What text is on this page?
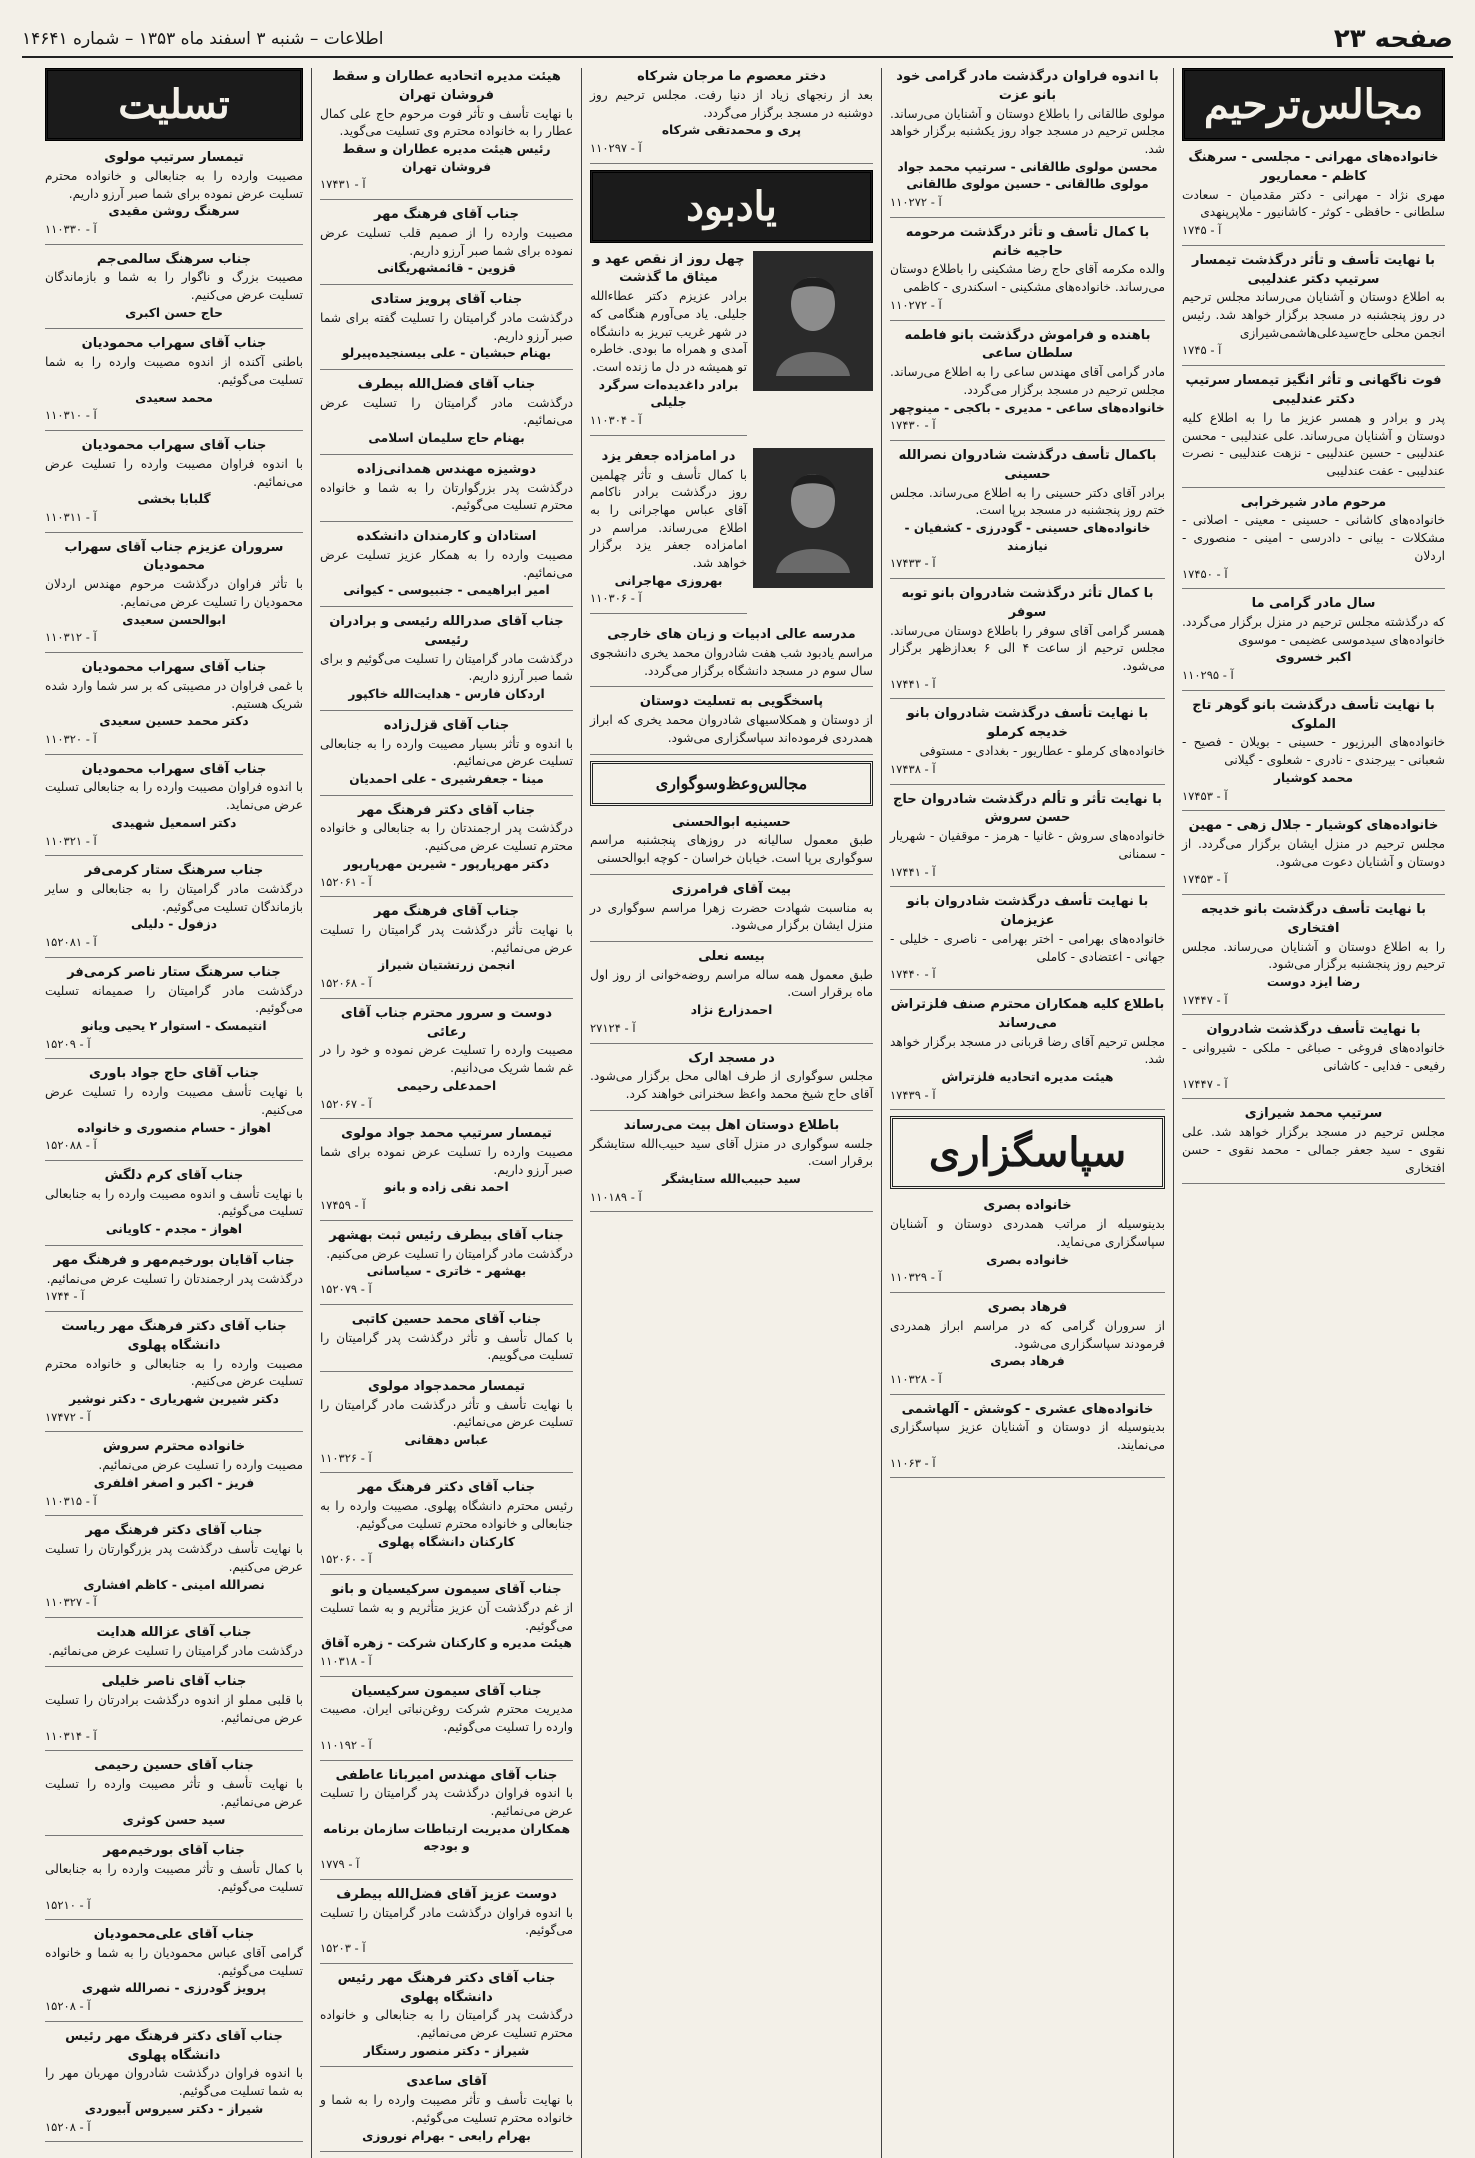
صفحه ۲۳
اطلاعات – شنبه ۳ اسفند ماه ۱۳۵۳ – شماره ۱۴۶۴۱
مجالس‌ترحیم
خانواده‌های مهرانی - مجلسی - سرهنگ کاظم - معماریور
مهری نژاد - مهرانی - دکتر مقدمیان - سعادت سلطانی - حافظی - کوثر - کاشانیور - ملاپرپنهدی
آ - ۱۷۴۵
با نهایت تأسف و تأثر درگذشت تیمسار سرتیپ دکتر عندلیبی
به اطلاع دوستان و آشنایان می‌رساند مجلس ترحیم در روز پنجشنبه در مسجد برگزار خواهد شد. رئیس انجمن محلی حاج‌سید‌علی‌هاشمی‌شیرازی
آ - ۱۷۴۵
فوت ناگهانی و تأثر انگیز تیمسار سرتیپ دکتر عندلیبی
پدر و برادر و همسر عزیز ما را به اطلاع کلیه دوستان و آشنایان می‌رساند. علی عندلیبی - محسن عندلیبی - حسین عندلیبی - نزهت عندلیبی - نصرت عندلیبی - عفت عندلیبی
مرحوم مادر شیرخرابی
خانواده‌های کاشانی - حسینی - معینی - اصلانی - مشکلات - بیانی - دادرسی - امینی - منصوری - اردلان
آ - ۱۷۴۵۰
سال مادر گرامی ما
که درگذشته مجلس ترحیم در منزل برگزار می‌گردد. خانواده‌های سیدموسی عضیمی - موسوی
اکبر خسروی
آ - ۱۱۰۲۹۵
با نهایت تأسف درگذشت بانو گوهر تاج الملوک
خانواده‌های البرزیور - حسینی - بویلان - فصیح - شعبانی - بیرجندی - نادری - شعلوی - گیلانی
محمد کوشیار
آ - ۱۷۴۵۳
خانواده‌های کوشیار - جلال زهی - مهین
مجلس ترحیم در منزل ایشان برگزار می‌گردد. از دوستان و آشنایان دعوت می‌شود.
آ - ۱۷۴۵۳
با نهایت تأسف درگذشت بانو خدیجه افتخاری
را به اطلاع دوستان و آشنایان می‌رساند. مجلس ترحیم روز پنجشنبه برگزار می‌شود.
رضا ایزد دوست
آ - ۱۷۴۴۷
با نهایت تأسف درگذشت شادروان
خانواده‌های فروغی - صباغی - ملکی - شیروانی - رفیعی - فدایی - کاشانی
آ - ۱۷۴۴۷
سرتیپ محمد شیرازی
مجلس ترحیم در مسجد برگزار خواهد شد. علی نقوی - سید جعفر جمالی - محمد نقوی - حسن افتخاری
با اندوه فراوان درگذشت مادر گرامی خود بانو عزت
مولوی طالقانی را باطلاع دوستان و آشنایان می‌رساند. مجلس ترحیم در مسجد جواد روز یکشنبه برگزار خواهد شد.
محسن مولوی طالقانی - سرتیپ محمد جواد مولوی طالقانی - حسین مولوی طالقانی
آ - ۱۱۰۲۷۲
با کمال تأسف و تأثر درگذشت مرحومه حاجیه خانم
والده مکرمه آقای حاج رضا مشکینی را باطلاع دوستان می‌رساند. خانواده‌های مشکینی - اسکندری - کاظمی
آ - ۱۱۰۲۷۲
باهنده و فراموش درگذشت بانو فاطمه سلطان ساعی
مادر گرامی آقای مهندس ساعی را به اطلاع می‌رساند. مجلس ترحیم در مسجد برگزار می‌گردد.
خانواده‌های ساعی - مدیری - باکجی - مینوچهر
آ - ۱۷۴۳۰
باکمال تأسف درگذشت شادروان نصرالله حسینی
برادر آقای دکتر حسینی را به اطلاع می‌رساند. مجلس ختم روز پنجشنبه در مسجد برپا است.
خانواده‌های حسینی - گودرزی - کشفیان - نیازمند
آ - ۱۷۴۳۳
با کمال تأثر درگذشت شادروان بانو توبه سوفر
همسر گرامی آقای سوفر را باطلاع دوستان می‌رساند. مجلس ترحیم از ساعت ۴ الی ۶ بعدازظهر برگزار می‌شود.
آ - ۱۷۴۴۱
با نهایت تأسف درگذشت شادروان بانو خدیجه کرملو
خانواده‌های کرملو - عطاریور - بغدادی - مستوفی
آ - ۱۷۴۳۸
با نهایت تأثر و تألم درگذشت شادروان حاج حسن سروش
خانواده‌های سروش - غانیا - هرمز - موقفیان - شهریار - سمنانی
آ - ۱۷۴۴۱
با نهایت تأسف درگذشت شادروان بانو عزیزمان
خانواده‌های بهرامی - اختر بهرامی - ناصری - خلیلی - جهانی - اعتضادی - کاملی
آ - ۱۷۴۴۰
باطلاع کلیه همکاران محترم صنف فلزتراش می‌رساند
مجلس ترحیم آقای رضا قربانی در مسجد برگزار خواهد شد.
هیئت مدیره اتحادیه فلزتراش
آ - ۱۷۴۳۹
سپاسگزاری
خانواده بصری
بدینوسیله از مراتب همدردی دوستان و آشنایان سپاسگزاری می‌نماید.
خانواده بصری
آ - ۱۱۰۳۲۹
فرهاد بصری
از سروران گرامی که در مراسم ابراز همدردی فرمودند سپاسگزاری می‌شود.
فرهاد بصری
آ - ۱۱۰۳۲۸
خانواده‌های عشری - کوشش - آلهاشمی
بدینوسیله از دوستان و آشنایان عزیز سپاسگزاری می‌نمایند.
آ - ۱۱۰۶۳
دختر معصوم ما مرجان شرکاه
بعد از رنجهای زیاد از دنیا رفت. مجلس ترحیم روز دوشنبه در مسجد برگزار می‌گردد.
پری و محمدتقی شرکاه
آ - ۱۱۰۲۹۷
یادبود
چهل روز از نقص عهد و میثاق ما گذشت
برادر عزیزم دکتر عطاءالله جلیلی. یاد می‌آورم هنگامی که در شهر غریب تبریز به دانشگاه آمدی و همراه ما بودی. خاطره تو همیشه در دل ما زنده است.
برادر داغدیده‌ات سرگرد جلیلی
آ - ۱۱۰۳۰۴
در امامزاده جعفر یزد
با کمال تأسف و تأثر چهلمین روز درگذشت برادر ناکامم آقای عباس مهاجرانی را به اطلاع می‌رساند. مراسم در امامزاده جعفر یزد برگزار خواهد شد.
بهروزی مهاجرانی
آ - ۱۱۰۳۰۶
مدرسه عالی ادبیات و زبان های خارجی
مراسم یادبود شب هفت شادروان محمد یخری دانشجوی سال سوم در مسجد دانشگاه برگزار می‌گردد.
پاسخگویی به تسلیت دوستان
از دوستان و همکلاسیهای شادروان محمد یخری که ابراز همدردی فرموده‌اند سپاسگزاری می‌شود.
مجالس‌وعظ‌وسوگواری
حسینیه ابوالحسنی
طبق معمول سالیانه در روزهای پنجشنبه مراسم سوگواری برپا است. خیابان خراسان - کوچه ابوالحسنی
بیت آقای فرامرزی
به مناسبت شهادت حضرت زهرا مراسم سوگواری در منزل ایشان برگزار می‌شود.
بیسه نعلی
طبق معمول همه ساله مراسم روضه‌خوانی از روز اول ماه برقرار است.
احمدزارع نژاد
آ - ۲۷۱۲۴
در مسجد ارک
مجلس سوگواری از طرف اهالی محل برگزار می‌شود. آقای حاج شیخ محمد واعظ سخنرانی خواهند کرد.
باطلاع دوستان اهل بیت می‌رساند
جلسه سوگواری در منزل آقای سید حبیب‌الله ستایشگر برقرار است.
سید حبیب‌الله ستایشگر
آ - ۱۱۰۱۸۹
هیئت مدیره اتحادیه عطاران و سقط فروشان تهران
با نهایت تأسف و تأثر فوت مرحوم حاج علی کمال عطار را به خانواده محترم وی تسلیت می‌گوید.
رئیس هیئت مدیره عطاران و سقط فروشان تهران
آ - ۱۷۴۳۱
جناب آقای فرهنگ مهر
مصیبت وارده را از صمیم قلب تسلیت عرض نموده برای شما صبر آرزو داریم.
قزوین - قائمشهریگانی
جناب آقای پرویز ستادی
درگذشت مادر گرامیتان را تسلیت گفته برای شما صبر آرزو داریم.
بهنام حبشیان - علی بیسنجیده‌پیرلو
جناب آقای فضل‌الله بیطرف
درگذشت مادر گرامیتان را تسلیت عرض می‌نمائیم.
بهنام حاج سلیمان اسلامی
دوشیزه مهندس همدانی‌زاده
درگذشت پدر بزرگوارتان را به شما و خانواده محترم تسلیت می‌گوئیم.
استادان و کارمندان دانشکده
مصیبت وارده را به همکار عزیز تسلیت عرض می‌نمائیم.
امیر ابراهیمی - جنبیوسی - کیوانی
جناب آقای صدرالله رئیسی و برادران رئیسی
درگذشت مادر گرامیتان را تسلیت می‌گوئیم و برای شما صبر آرزو داریم.
اردکان فارس - هدایت‌الله خاکپور
جناب آقای قزل‌زاده
با اندوه و تأثر بسیار مصیبت وارده را به جنابعالی تسلیت عرض می‌نمائیم.
مینا - جعفرشیری - علی احمدیان
جناب آقای دکتر فرهنگ مهر
درگذشت پدر ارجمندتان را به جنابعالی و خانواده محترم تسلیت عرض می‌کنیم.
دکتر مهرپارپور - شیرین مهرپارپور
آ - ۱۵۲۰۶۱
جناب آقای فرهنگ مهر
با نهایت تأثر درگذشت پدر گرامیتان را تسلیت عرض می‌نمائیم.
انجمن زرتشتیان شیراز
آ - ۱۵۲۰۶۸
دوست و سرور محترم جناب آقای رعائی
مصیبت وارده را تسلیت عرض نموده و خود را در غم شما شریک می‌دانیم.
احمدعلی رحیمی
آ - ۱۵۲۰۶۷
تیمسار سرتیپ محمد جواد مولوی
مصیبت وارده را تسلیت عرض نموده برای شما صبر آرزو داریم.
احمد نقی زاده و بانو
آ - ۱۷۴۵۹
جناب آقای بیطرف رئیس ثبت بهشهر
درگذشت مادر گرامیتان را تسلیت عرض می‌کنیم.
بهشهر - خاتری - سیاسانی
آ - ۱۵۲۰۷۹
جناب آقای محمد حسین کاتبی
با کمال تأسف و تأثر درگذشت پدر گرامیتان را تسلیت می‌گوییم.
تیمسار محمدجواد مولوی
با نهایت تأسف و تأثر درگذشت مادر گرامیتان را تسلیت عرض می‌نمائیم.
عباس دهقانی
آ - ۱۱۰۳۲۶
جناب آقای دکتر فرهنگ مهر
رئیس محترم دانشگاه پهلوی. مصیبت وارده را به جنابعالی و خانواده محترم تسلیت می‌گوئیم.
کارکنان دانشگاه پهلوی
آ - ۱۵۲۰۶۰
جناب آقای سیمون سرکیسیان و بانو
از غم درگذشت آن عزیز متأثریم و به شما تسلیت می‌گوئیم.
هیئت مدیره و کارکنان شرکت - زهره آقاق
آ - ۱۱۰۳۱۸
جناب آقای سیمون سرکیسیان
مدیریت محترم شرکت روغن‌نباتی ایران. مصیبت وارده را تسلیت می‌گوئیم.
آ - ۱۱۰۱۹۲
جناب آقای مهندس امیربانا عاطفی
با اندوه فراوان درگذشت پدر گرامیتان را تسلیت عرض می‌نمائیم.
همکاران مدیریت ارتباطات سازمان برنامه و بودجه
آ - ۱۷۷۹
دوست عزیز آقای فضل‌الله بیطرف
با اندوه فراوان درگذشت مادر گرامیتان را تسلیت می‌گوئیم.
آ - ۱۵۲۰۳
جناب آقای دکتر فرهنگ مهر رئیس دانشگاه پهلوی
درگذشت پدر گرامیتان را به جنابعالی و خانواده محترم تسلیت عرض می‌نمائیم.
شیراز - دکتر منصور رستگار
آقای ساعدی
با نهایت تأسف و تأثر مصیبت وارده را به شما و خانواده محترم تسلیت می‌گوئیم.
بهرام رابعی - بهرام نوروزی
تسلیت
تیمسار سرتیپ مولوی
مصیبت وارده را به جنابعالی و خانواده محترم تسلیت عرض نموده برای شما صبر آرزو داریم.
سرهنگ روشن مقیدی
آ - ۱۱۰۳۳۰
جناب سرهنگ سالمی‌جم
مصیبت بزرگ و ناگوار را به شما و بازماندگان تسلیت عرض می‌کنیم.
حاج حسن اکبری
جناب آقای سهراب محمودیان
باطنی آکنده از اندوه مصیبت وارده را به شما تسلیت می‌گوئیم.
محمد سعیدی
آ - ۱۱۰۳۱۰
جناب آقای سهراب محمودیان
با اندوه فراوان مصیبت وارده را تسلیت عرض می‌نمائیم.
گلبابا بخشی
آ - ۱۱۰۳۱۱
سروران عزیزم جناب آقای سهراب محمودیان
با تأثر فراوان درگذشت مرحوم مهندس اردلان محمودیان را تسلیت عرض می‌نمایم.
ابوالحسن سعیدی
آ - ۱۱۰۳۱۲
جناب آقای سهراب محمودیان
با غمی فراوان در مصیبتی که بر سر شما وارد شده شریک هستیم.
دکتر محمد حسین سعیدی
آ - ۱۱۰۳۲۰
جناب آقای سهراب محمودیان
با اندوه فراوان مصیبت وارده را به جنابعالی تسلیت عرض می‌نماید.
دکتر اسمعیل شهیدی
آ - ۱۱۰۳۲۱
جناب سرهنگ ستار کرمی‌فر
درگذشت مادر گرامیتان را به جنابعالی و سایر بازماندگان تسلیت می‌گوئیم.
دزفول - دلیلی
آ - ۱۵۲۰۸۱
جناب سرهنگ ستار ناصر کرمی‌فر
درگذشت مادر گرامیتان را صمیمانه تسلیت می‌گوئیم.
انتیمسک - استوار ۲ یحیی ویانو
آ - ۱۵۲۰۹
جناب آقای حاج جواد باوری
با نهایت تأسف مصیبت وارده را تسلیت عرض می‌کنیم.
اهواز - حسام منصوری و خانواده
آ - ۱۵۲۰۸۸
جناب آقای کرم دلگش
با نهایت تأسف و اندوه مصیبت وارده را به جنابعالی تسلیت می‌گوئیم.
اهواز - مجدم - کاویانی
جناب آقایان بورخیم‌مهر و فرهنگ مهر
درگذشت پدر ارجمندتان را تسلیت عرض می‌نمائیم.
آ - ۱۷۴۴
جناب آقای دکتر فرهنگ مهر ریاست دانشگاه پهلوی
مصیبت وارده را به جنابعالی و خانواده محترم تسلیت عرض می‌کنیم.
دکتر شیرین شهریاری - دکتر نوشیر
آ - ۱۷۴۷۲
خانواده محترم سروش
مصیبت وارده را تسلیت عرض می‌نمائیم.
فریز - اکبر و اصغر افلفری
آ - ۱۱۰۳۱۵
جناب آقای دکتر فرهنگ مهر
با نهایت تأسف درگذشت پدر بزرگوارتان را تسلیت عرض می‌کنیم.
نصرالله امینی - کاظم افشاری
آ - ۱۱۰۳۲۷
جناب آقای عزالله هدایت
درگذشت مادر گرامیتان را تسلیت عرض می‌نمائیم.
جناب آقای ناصر خلیلی
با قلبی مملو از اندوه درگذشت برادرتان را تسلیت عرض می‌نمائیم.
آ - ۱۱۰۳۱۴
جناب آقای حسین رحیمی
با نهایت تأسف و تأثر مصیبت وارده را تسلیت عرض می‌نمائیم.
سید حسن کوثری
جناب آقای بورخیم‌مهر
با کمال تأسف و تأثر مصیبت وارده را به جنابعالی تسلیت می‌گوئیم.
آ - ۱۵۲۱۰
جناب آقای علی‌محمودیان
گرامی آقای عباس محمودیان را به شما و خانواده تسلیت می‌گوئیم.
پرویز گودرزی - نصرالله شهری
آ - ۱۵۲۰۸
جناب آقای دکتر فرهنگ مهر رئیس دانشگاه پهلوی
با اندوه فراوان درگذشت شادروان مهربان مهر را به شما تسلیت می‌گوئیم.
شیراز - دکتر سیروس آبیوردی
آ - ۱۵۲۰۸
